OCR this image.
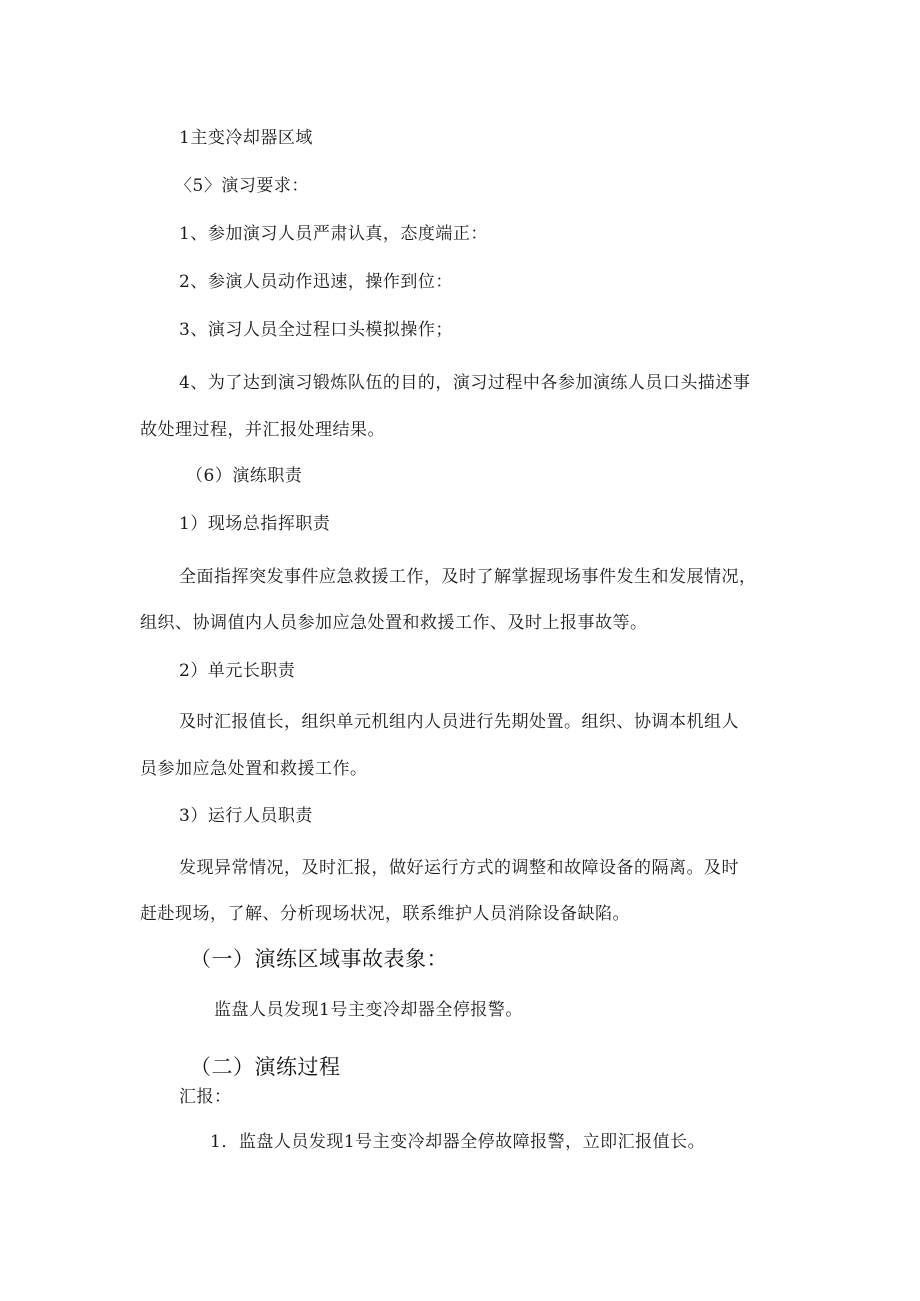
1主变冷却器区域
〈5〉演习要求：
1、参加演习人员严肃认真，态度端正：
2、参演人员动作迅速，操作到位：
3、演习人员全过程口头模拟操作；
4、为了达到演习锻炼队伍的目的，演习过程中各参加演练人员口头描述事
故处理过程，并汇报处理结果。
（6）演练职责
1）现场总指挥职责
全面指挥突发事件应急救援工作，及时了解掌握现场事件发生和发展情况，
组织、协调值内人员参加应急处置和救援工作、及时上报事故等。
2）单元长职责
及时汇报值长，组织单元机组内人员进行先期处置。组织、协调本机组人
员参加应急处置和救援工作。
3）运行人员职责
发现异常情况，及时汇报，做好运行方式的调整和故障设备的隔离。及时
赶赴现场，了解、分析现场状况，联系维护人员消除设备缺陷。
（一）演练区域事故表象：
监盘人员发现1号主变冷却器全停报警。
（二）演练过程
汇报：
1．监盘人员发现1号主变冷却器全停故障报警，立即汇报值长。
